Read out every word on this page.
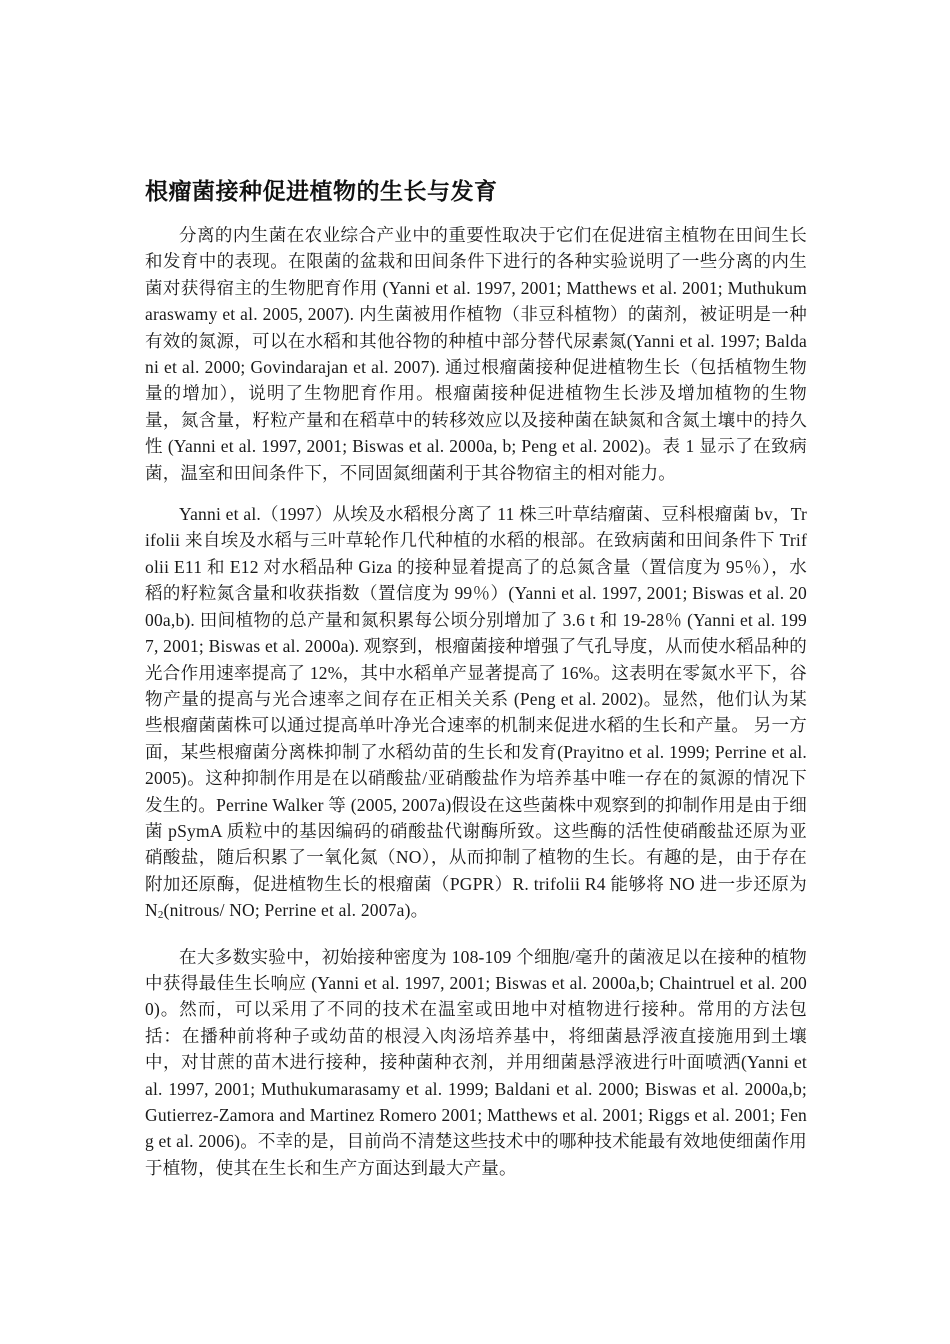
根瘤菌接种促进植物的生长与发育

分离的内生菌在农业综合产业中的重要性取决于它们在促进宿主植物在田间生长和发育中的表现。在限菌的盆栽和田间条件下进行的各种实验说明了一些分离的内生菌对获得宿主的生物肥育作用 (Yanni et al. 1997, 2001; Matthews et al. 2001; Muthukumaraswamy et al. 2005, 2007). 内生菌被用作植物（非豆科植物）的菌剂，被证明是一种有效的氮源，可以在水稻和其他谷物的种植中部分替代尿素氮(Yanni et al. 1997; Baldani et al. 2000; Govindarajan et al. 2007). 通过根瘤菌接种促进植物生长（包括植物生物量的增加），说明了生物肥育作用。根瘤菌接种促进植物生长涉及增加植物的生物量，氮含量，籽粒产量和在稻草中的转移效应以及接种菌在缺氮和含氮土壤中的持久性 (Yanni et al. 1997, 2001; Biswas et al. 2000a, b; Peng et al. 2002)。表 1 显示了在致病菌，温室和田间条件下，不同固氮细菌利于其谷物宿主的相对能力。

Yanni et al.（1997）从埃及水稻根分离了 11 株三叶草结瘤菌、豆科根瘤菌 bv，Trifolii 来自埃及水稻与三叶草轮作几代种植的水稻的根部。在致病菌和田间条件下 Trifolii E11 和 E12 对水稻品种 Giza 的接种显着提高了的总氮含量（置信度为 95％），水稻的籽粒氮含量和收获指数（置信度为 99％）(Yanni et al. 1997, 2001; Biswas et al. 2000a,b). 田间植物的总产量和氮积累每公顷分别增加了 3.6 t 和 19-28％ (Yanni et al. 1997, 2001; Biswas et al. 2000a). 观察到，根瘤菌接种增强了气孔导度，从而使水稻品种的光合作用速率提高了 12%，其中水稻单产显著提高了 16%。这表明在零氮水平下，谷物产量的提高与光合速率之间存在正相关关系 (Peng et al. 2002)。显然，他们认为某些根瘤菌菌株可以通过提高单叶净光合速率的机制来促进水稻的生长和产量。 另一方面，某些根瘤菌分离株抑制了水稻幼苗的生长和发育(Prayitno et al. 1999; Perrine et al. 2005)。这种抑制作用是在以硝酸盐/亚硝酸盐作为培养基中唯一存在的氮源的情况下发生的。Perrine Walker 等 (2005, 2007a)假设在这些菌株中观察到的抑制作用是由于细菌 pSymA 质粒中的基因编码的硝酸盐代谢酶所致。这些酶的活性使硝酸盐还原为亚硝酸盐，随后积累了一氧化氮（NO），从而抑制了植物的生长。有趣的是，由于存在附加还原酶，促进植物生长的根瘤菌（PGPR）R. trifolii R4 能够将 NO 进一步还原为 N2(nitrous/ NO; Perrine et al. 2007a)。

在大多数实验中，初始接种密度为 108-109 个细胞/毫升的菌液足以在接种的植物中获得最佳生长响应 (Yanni et al. 1997, 2001; Biswas et al. 2000a,b; Chaintruel et al. 2000)。然而，可以采用了不同的技术在温室或田地中对植物进行接种。常用的方法包括：在播种前将种子或幼苗的根浸入肉汤培养基中，将细菌悬浮液直接施用到土壤中，对甘蔗的苗木进行接种，接种菌种衣剂，并用细菌悬浮液进行叶面喷洒(Yanni et al. 1997, 2001; Muthukumarasamy et al. 1999; Baldani et al. 2000; Biswas et al. 2000a,b; Gutierrez-Zamora and Martinez Romero 2001; Matthews et al. 2001; Riggs et al. 2001; Feng et al. 2006)。不幸的是，目前尚不清楚这些技术中的哪种技术能最有效地使细菌作用于植物，使其在生长和生产方面达到最大产量。
